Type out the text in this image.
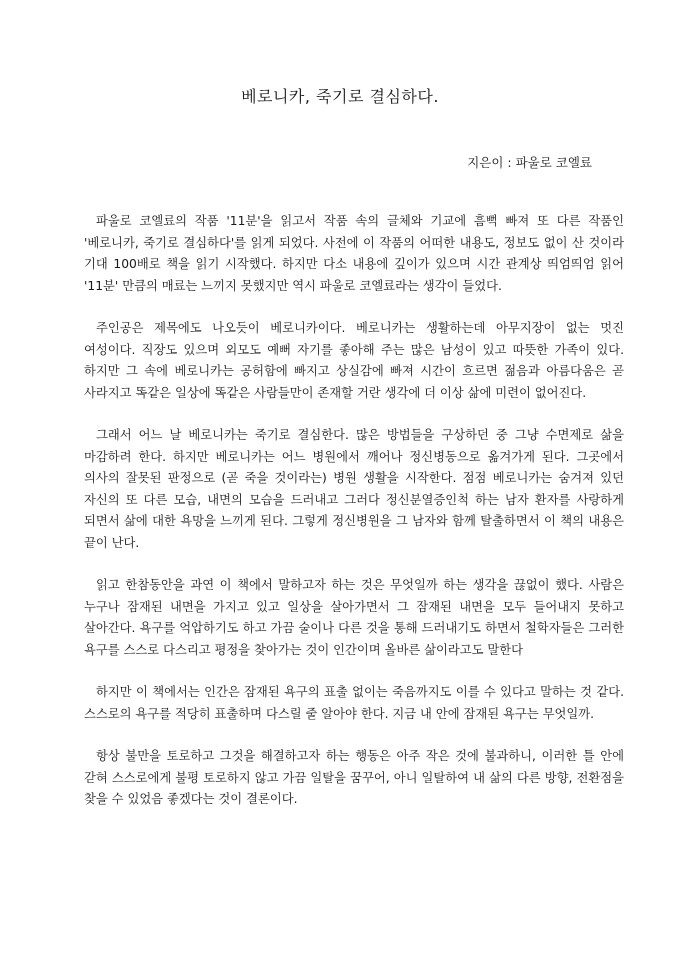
베로니카, 죽기로 결심하다.
지은이 : 파울로 코엘료

파울로 코엘료의 작품 '11분'을 읽고서 작품 속의 글체와 기교에 흠뻑 빠져 또 다른 작품인 '베로니카, 죽기로 결심하다'를 읽게 되었다. 사전에 이 작품의 어떠한 내용도, 정보도 없이 산 것이라 기대 100배로 책을 읽기 시작했다. 하지만 다소 내용에 깊이가 있으며 시간 관계상 띄엄띄엄 읽어 '11분' 만큼의 매료는 느끼지 못했지만 역시 파울로 코엘료라는 생각이 들었다.

주인공은 제목에도 나오듯이 베로니카이다. 베로니카는 생활하는데 아무지장이 없는 멋진 여성이다. 직장도 있으며 외모도 예뻐 자기를 좋아해 주는 많은 남성이 있고 따뜻한 가족이 있다. 하지만 그 속에 베로니카는 공허함에 빠지고 상실감에 빠져 시간이 흐르면 젊음과 아름다움은 곧 사라지고 똑같은 일상에 똑같은 사람들만이 존재할 거란 생각에 더 이상 삶에 미련이 없어진다.

그래서 어느 날 베로니카는 죽기로 결심한다. 많은 방법들을 구상하던 중 그냥 수면제로 삶을 마감하려 한다. 하지만 베로니카는 어느 병원에서 깨어나 정신병동으로 옮겨가게 된다. 그곳에서 의사의 잘못된 판정으로 (곧 죽을 것이라는) 병원 생활을 시작한다. 점점 베로니카는 숨겨져 있던 자신의 또 다른 모습, 내면의 모습을 드러내고 그러다 정신분열증인척 하는 남자 환자를 사랑하게 되면서 삶에 대한 욕망을 느끼게 된다. 그렇게 정신병원을 그 남자와 함께 탈출하면서 이 책의 내용은 끝이 난다.

읽고 한참동안을 과연 이 책에서 말하고자 하는 것은 무엇일까 하는 생각을 끊없이 했다. 사람은 누구나 잠재된 내면을 가지고 있고 일상을 살아가면서 그 잠재된 내면을 모두 들어내지 못하고 살아간다. 욕구를 억압하기도 하고 가끔 술이나 다른 것을 통해 드러내기도 하면서 철학자들은 그러한 욕구를 스스로 다스리고 평정을 찾아가는 것이 인간이며 올바른 삶이라고도 말한다

하지만 이 책에서는 인간은 잠재된 욕구의 표출 없이는 죽음까지도 이를 수 있다고 말하는 것 같다. 스스로의 욕구를 적당히 표출하며 다스릴 줄 알아야 한다. 지금 내 안에 잠재된 욕구는 무엇일까.

항상 불만을 토로하고 그것을 해결하고자 하는 행동은 아주 작은 것에 불과하니, 이러한 틀 안에 갇혀 스스로에게 불평 토로하지 않고 가끔 일탈을 꿈꾸어, 아니 일탈하여 내 삶의 다른 방향, 전환점을 찾을 수 있었음 좋겠다는 것이 결론이다.
